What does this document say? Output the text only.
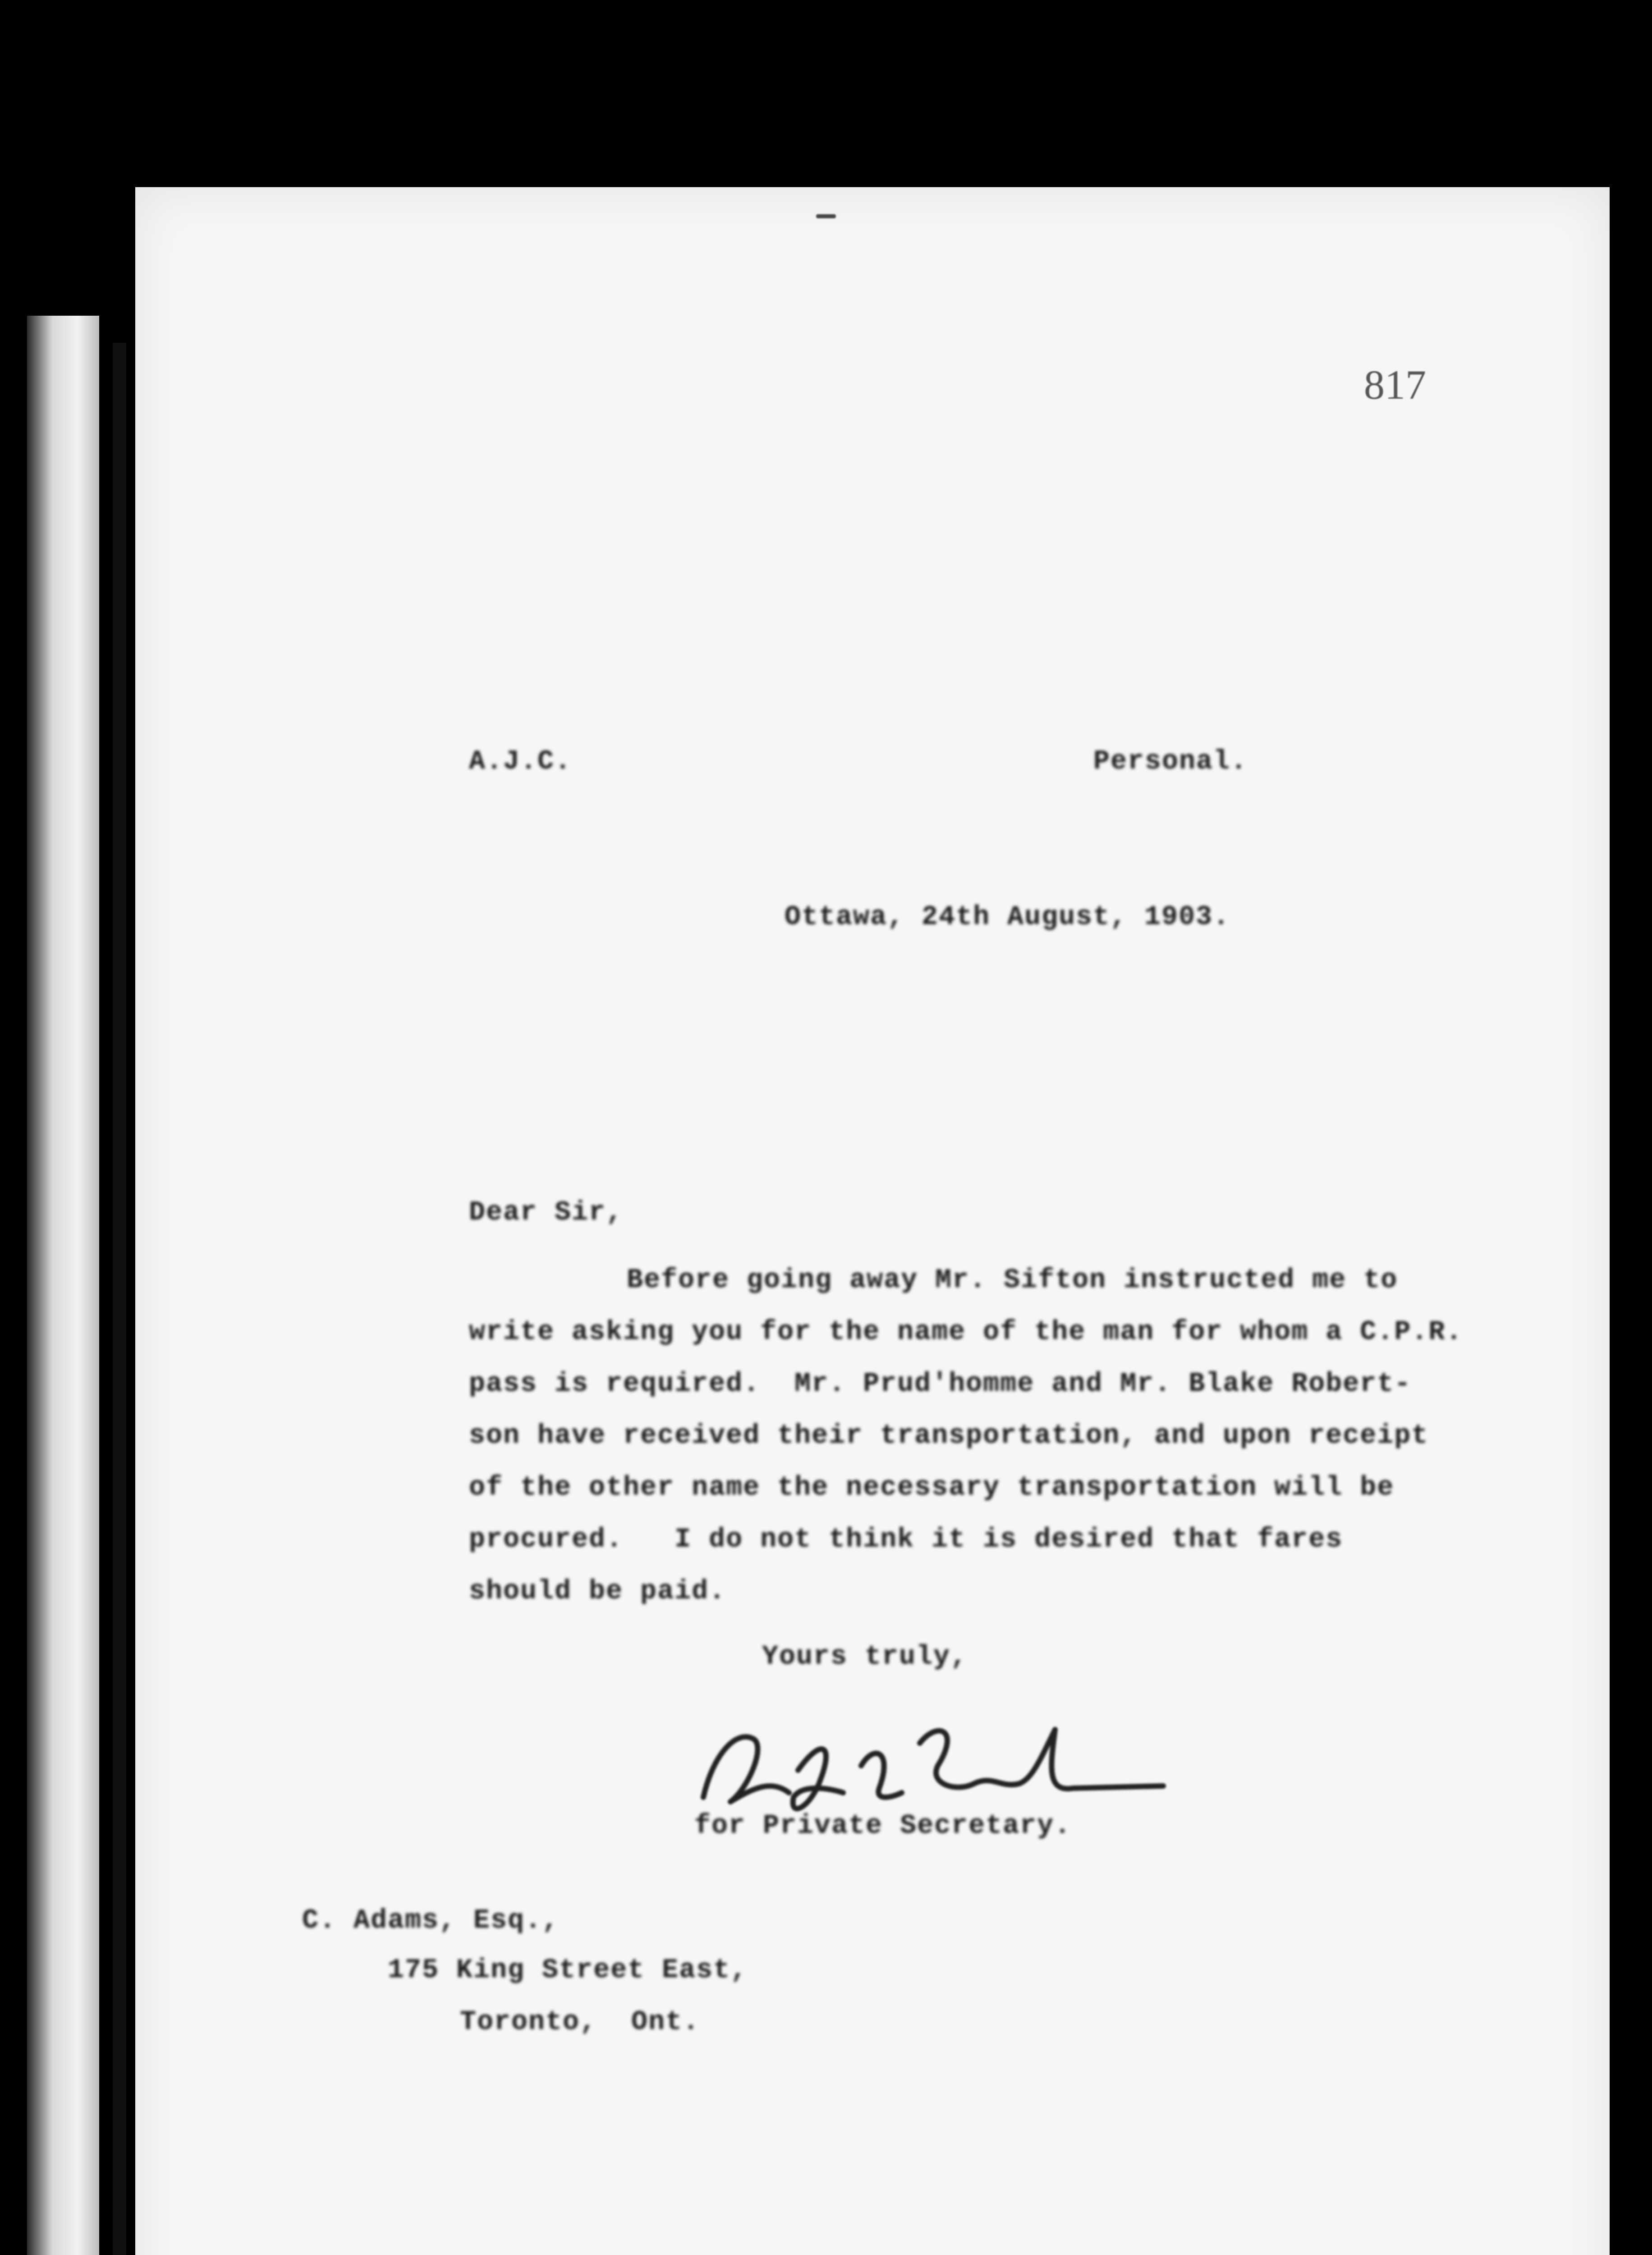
817
A.J.C.	Personal.
Ottawa, 24th August, 1903.
Dear Sir,
Before going away Mr. Sifton instructed me to
write asking you for the name of the man for whom a C.P.R.
pass is required.  Mr. Prud'homme and Mr. Blake Robert-
son have received their transportation, and upon receipt
of the other name the necessary transportation will be
procured.   I do not think it is desired that fares
should be paid.
Yours truly,
for Private Secretary.
C. Adams, Esq.,
175 King Street East,
Toronto,  Ont.
